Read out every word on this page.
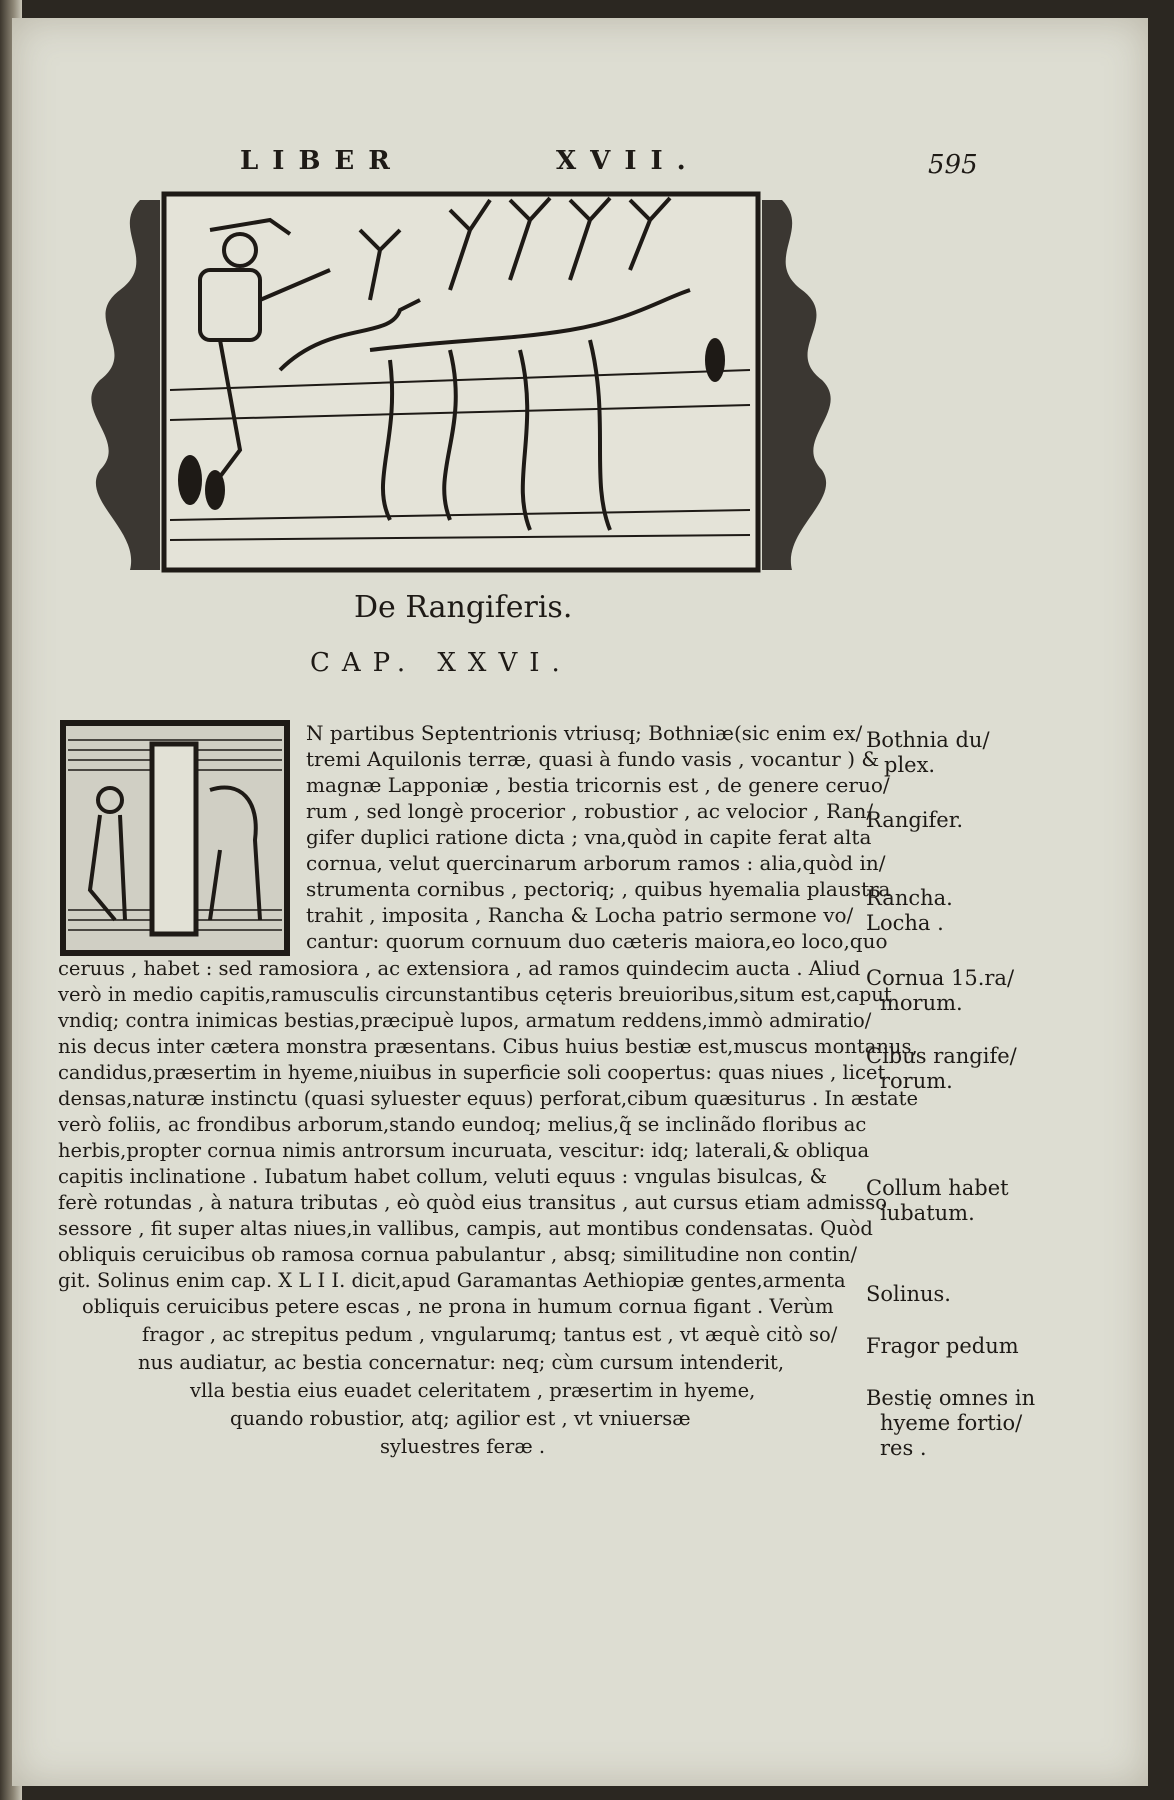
LIBER	XVII.	595
De Rangiferis.
CAP. XXVI.
N partibus Septentrionis vtriusq; Bothniæ(sic enim ex/
tremi Aquilonis terræ, quasi à fundo vasis , vocantur ) &
magnæ Lapponiæ , bestia tricornis est , de genere ceruo/
rum , sed longè procerior , robustior , ac velocior , Ran/
gifer duplici ratione dicta ; vna,quòd in capite ferat alta
cornua, velut quercinarum arborum ramos : alia,quòd in/
strumenta cornibus , pectoriq; , quibus hyemalia plaustra
trahit , imposita , Rancha & Locha patrio sermone vo/
cantur: quorum cornuum duo cæteris maiora,eo loco,quo
ceruus , habet : sed ramosiora , ac extensiora , ad ramos quindecim aucta . Aliud
verò in medio capitis,ramusculis circunstantibus cęteris breuioribus,situm est,caput
vndiq; contra inimicas bestias,præcipuè lupos, armatum reddens,immò admiratio/
nis decus inter cætera monstra præsentans. Cibus huius bestiæ est,muscus montanus,
candidus,præsertim in hyeme,niuibus in superficie soli coopertus: quas niues , licet
densas,naturæ instinctu (quasi syluester equus) perforat,cibum quæsiturus . In æstate
verò foliis, ac frondibus arborum,stando eundoq; melius,q̃ se inclinãdo floribus ac
herbis,propter cornua nimis antrorsum incuruata, vescitur: idq; laterali,& obliqua
capitis inclinatione . Iubatum habet collum, veluti equus : vngulas bisulcas, &
ferè rotundas , à natura tributas , eò quòd eius transitus , aut cursus etiam admisso
sessore , fit super altas niues,in vallibus, campis, aut montibus condensatas. Quòd
obliquis ceruicibus ob ramosa cornua pabulantur , absq; similitudine non contin/
git. Solinus enim cap. X L I I. dicit,apud Garamantas Aethiopiæ gentes,armenta
obliquis ceruicibus petere escas , ne prona in humum cornua figant . Verùm
fragor , ac strepitus pedum , vngularumq; tantus est , vt æquè citò so/
nus audiatur, ac bestia concernatur: neq; cùm cursum intenderit,
vlla bestia eius euadet celeritatem , præsertim in hyeme,
quando robustior, atq; agilior est , vt vniuersæ
syluestres feræ .
Bothnia du/
plex.
Rangifer.
Rancha.
Locha .
Cornua 15.ra/
morum.
Cibus rangife/
rorum.
Collum habet
iubatum.
Solinus.
Fragor pedum
Bestię omnes in
hyeme fortio/
res .
